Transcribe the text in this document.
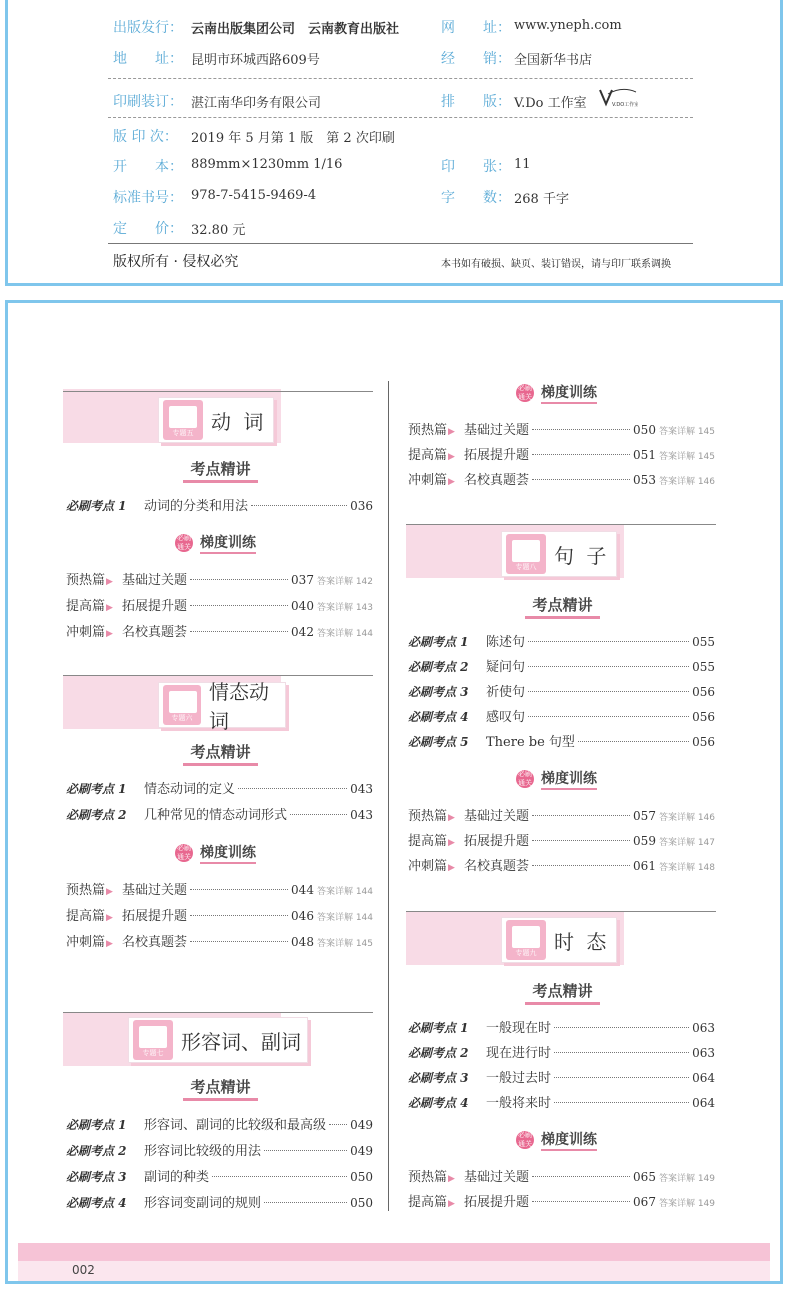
出版发行： 云南出版集团公司　云南教育出版社	网　　址： www.yneph.com
地　　址： 昆明市环城西路609号	经　　销： 全国新华书店
印刷装订： 湛江南华印务有限公司	排　　版： V.Do 工作室	V.DO工作室
版 印 次： 2019 年 5 月第 1 版　第 2 次印刷
开　　本： 889mm×1230mm 1/16	印　　张： 11
标准书号： 978-7-5415-9469-4	字　　数： 268 千字
定　　价： 32.80 元
版权所有 · 侵权必究	本书如有破损、缺页、装订错误，请与印厂联系调换
专题五 动 词
专题六
情态动词
专题七 形容词、副词
专题八 句 子
专题九 时 态
考点精讲
考点精讲
考点精讲
考点精讲
考点精讲
必刷通关 梯度训练
必刷通关 梯度训练
必刷通关 梯度训练
必刷通关 梯度训练
必刷通关 梯度训练
必刷考点 1	动词的分类和用法	036
必刷考点 1	情态动词的定义	043
必刷考点 2	几种常见的情态动词形式	043
必刷考点 1	形容词、副词的比较级和最高级 049
必刷考点 2	形容词比较级的用法	049
必刷考点 3	副词的种类	050
必刷考点 4	形容词变副词的规则	050
必刷考点 1	陈述句	055
必刷考点 2	疑问句	055
必刷考点 3	祈使句	056
必刷考点 4	感叹句	056
必刷考点 5	There be 句型	056
必刷考点 1	一般现在时	063
必刷考点 2	现在进行时	063
必刷考点 3	一般过去时	064
必刷考点 4	一般将来时	064
预热篇 ▶ 基础过关题	037 答案详解 142
提高篇 ▶ 拓展提升题	040 答案详解 143
冲刺篇 ▶ 名校真题荟	042 答案详解 144
预热篇 ▶ 基础过关题	044 答案详解 144
提高篇 ▶ 拓展提升题	046 答案详解 144
冲刺篇 ▶ 名校真题荟	048 答案详解 145
预热篇 ▶ 基础过关题	050 答案详解 145
提高篇 ▶ 拓展提升题	051 答案详解 145
冲刺篇 ▶ 名校真题荟	053 答案详解 146
预热篇 ▶ 基础过关题	057 答案详解 146
提高篇 ▶ 拓展提升题	059 答案详解 147
冲刺篇 ▶ 名校真题荟	061 答案详解 148
预热篇 ▶ 基础过关题	065 答案详解 149
提高篇 ▶ 拓展提升题	067 答案详解 149
002
